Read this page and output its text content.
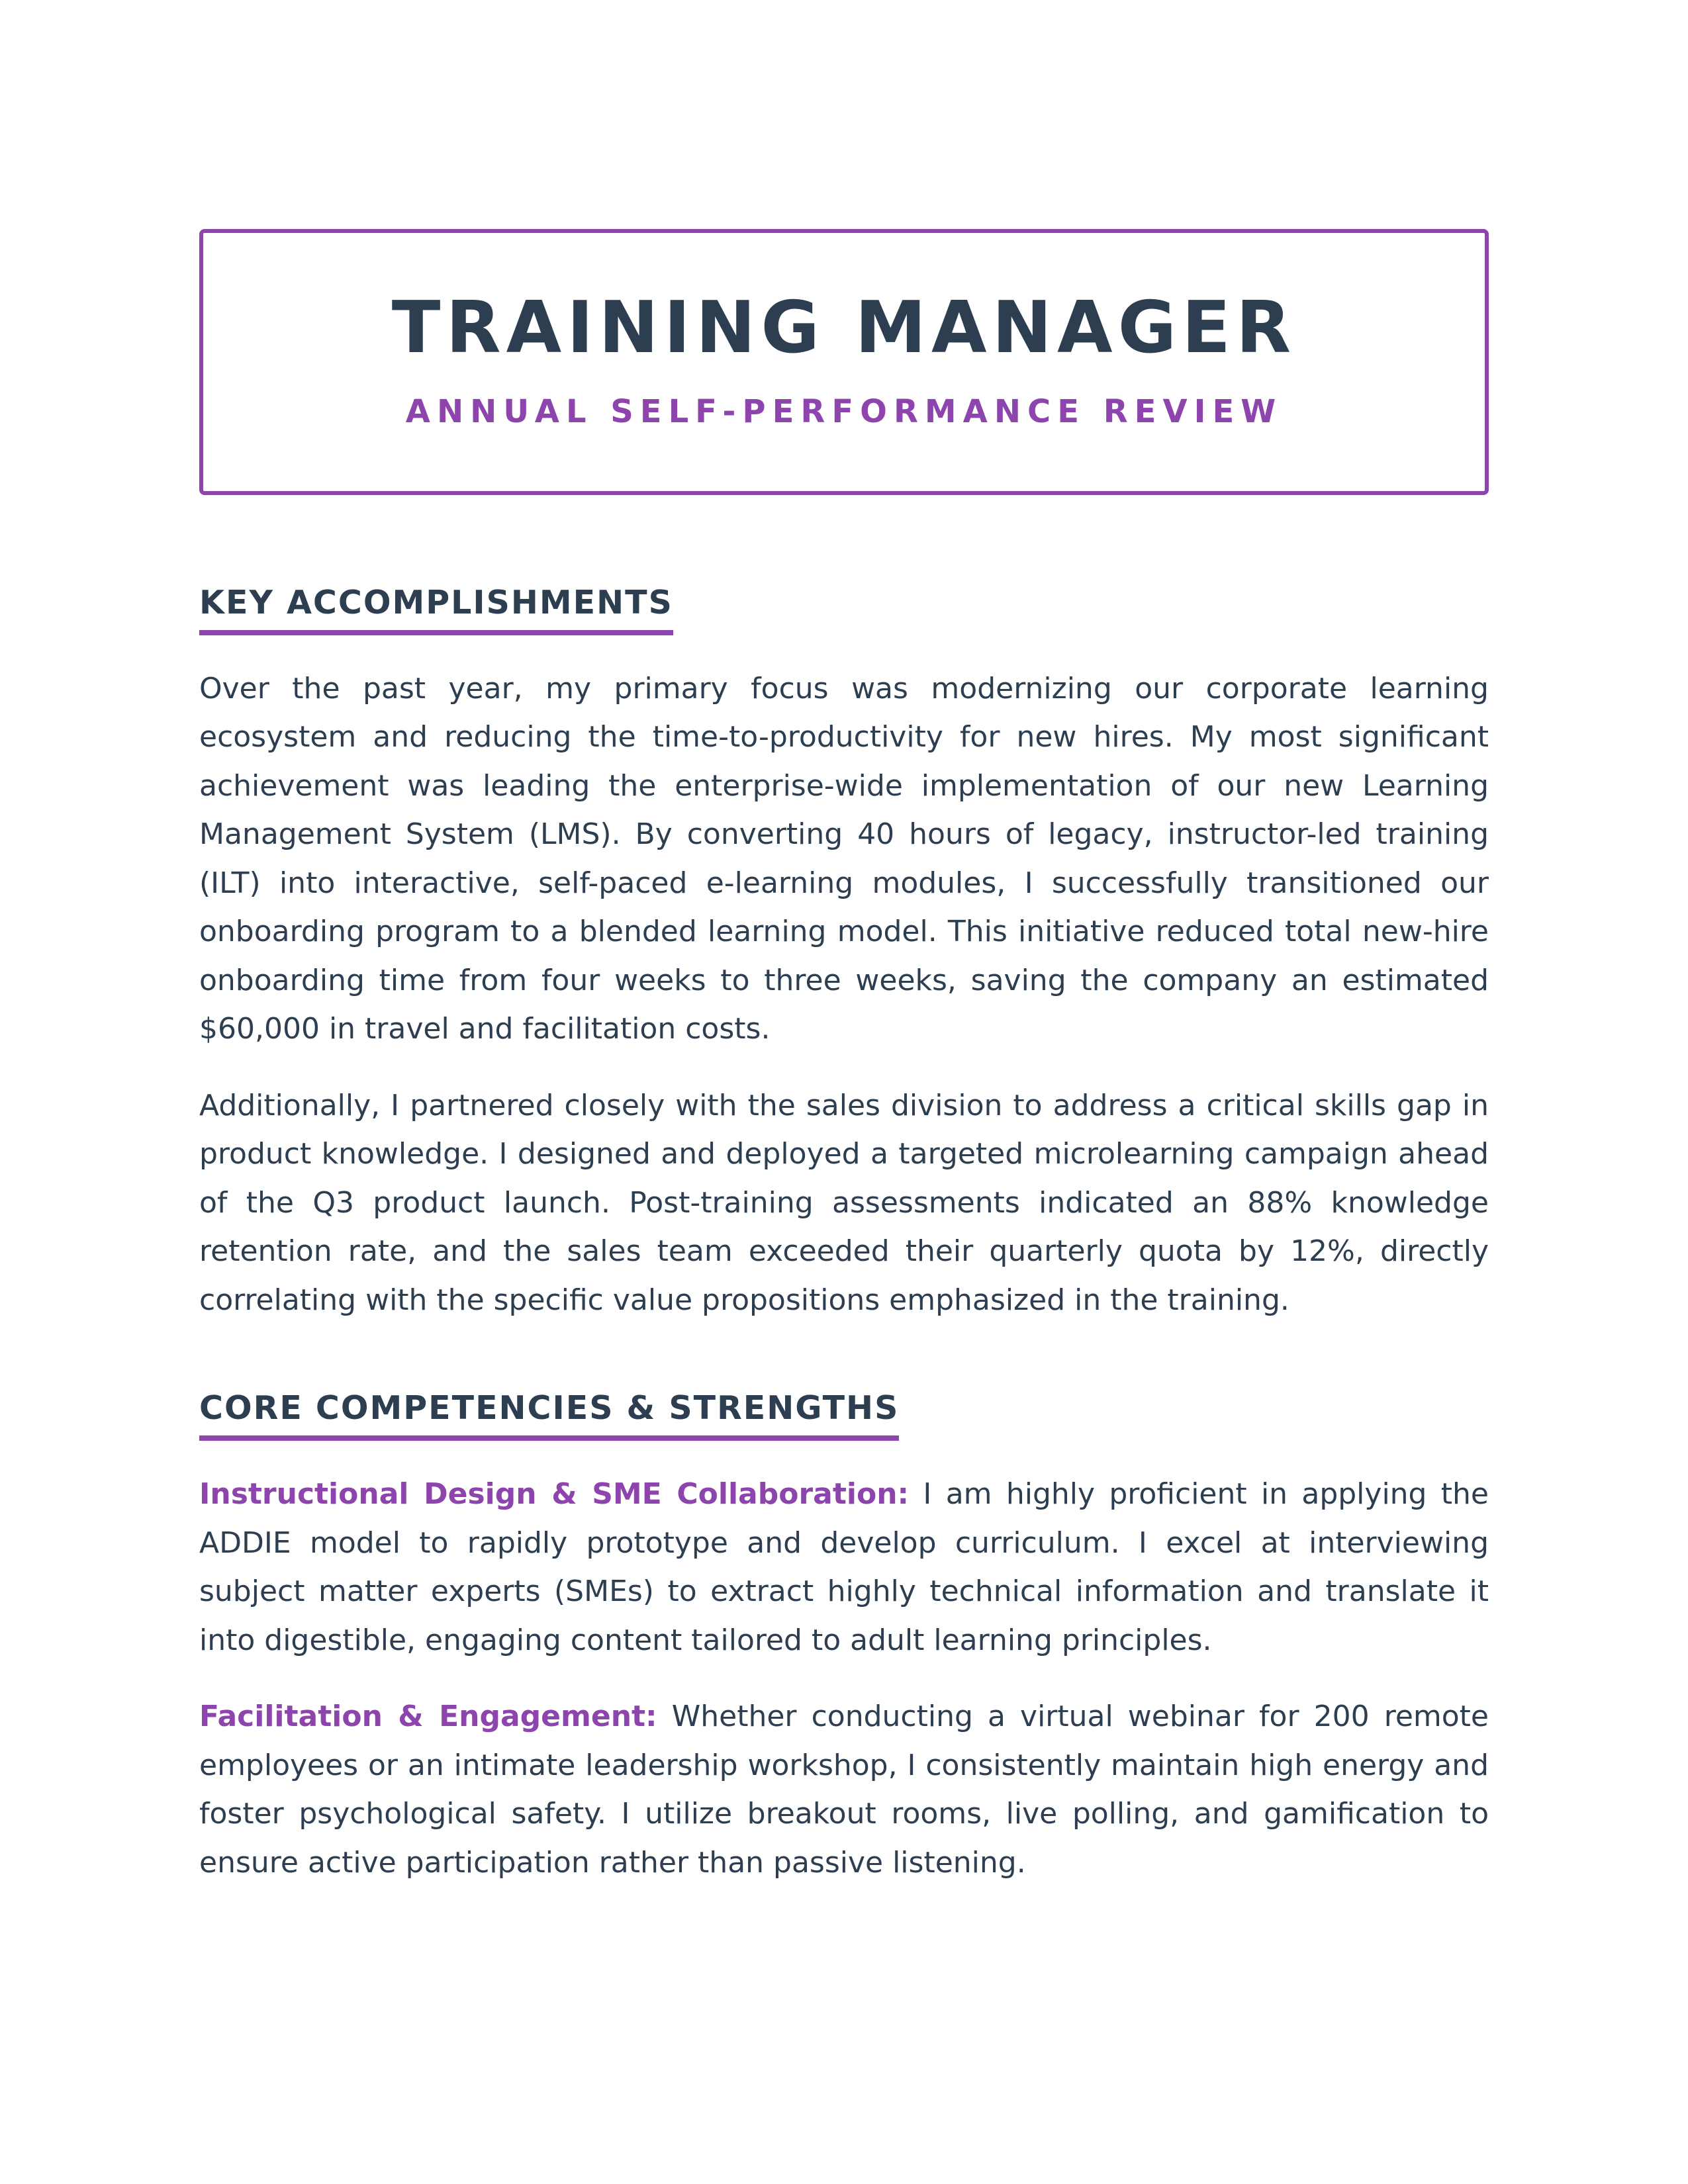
TRAINING MANAGER
ANNUAL SELF-PERFORMANCE REVIEW
KEY ACCOMPLISHMENTS

Over the past year, my primary focus was modernizing our corporate learning ecosystem and reducing the time-to-productivity for new hires. My most significant achievement was leading the enterprise-wide implementation of our new Learning Management System (LMS). By converting 40 hours of legacy, instructor-led training (ILT) into interactive, self-paced e-learning modules, I successfully transitioned our onboarding program to a blended learning model. This initiative reduced total new-hire onboarding time from four weeks to three weeks, saving the company an estimated $60,000 in travel and facilitation costs.

Additionally, I partnered closely with the sales division to address a critical skills gap in product knowledge. I designed and deployed a targeted microlearning campaign ahead of the Q3 product launch. Post-training assessments indicated an 88% knowledge retention rate, and the sales team exceeded their quarterly quota by 12%, directly correlating with the specific value propositions emphasized in the training.

CORE COMPETENCIES & STRENGTHS

Instructional Design & SME Collaboration: I am highly proficient in applying the ADDIE model to rapidly prototype and develop curriculum. I excel at interviewing subject matter experts (SMEs) to extract highly technical information and translate it into digestible, engaging content tailored to adult learning principles.

Facilitation & Engagement: Whether conducting a virtual webinar for 200 remote employees or an intimate leadership workshop, I consistently maintain high energy and foster psychological safety. I utilize breakout rooms, live polling, and gamification to ensure active participation rather than passive listening.
